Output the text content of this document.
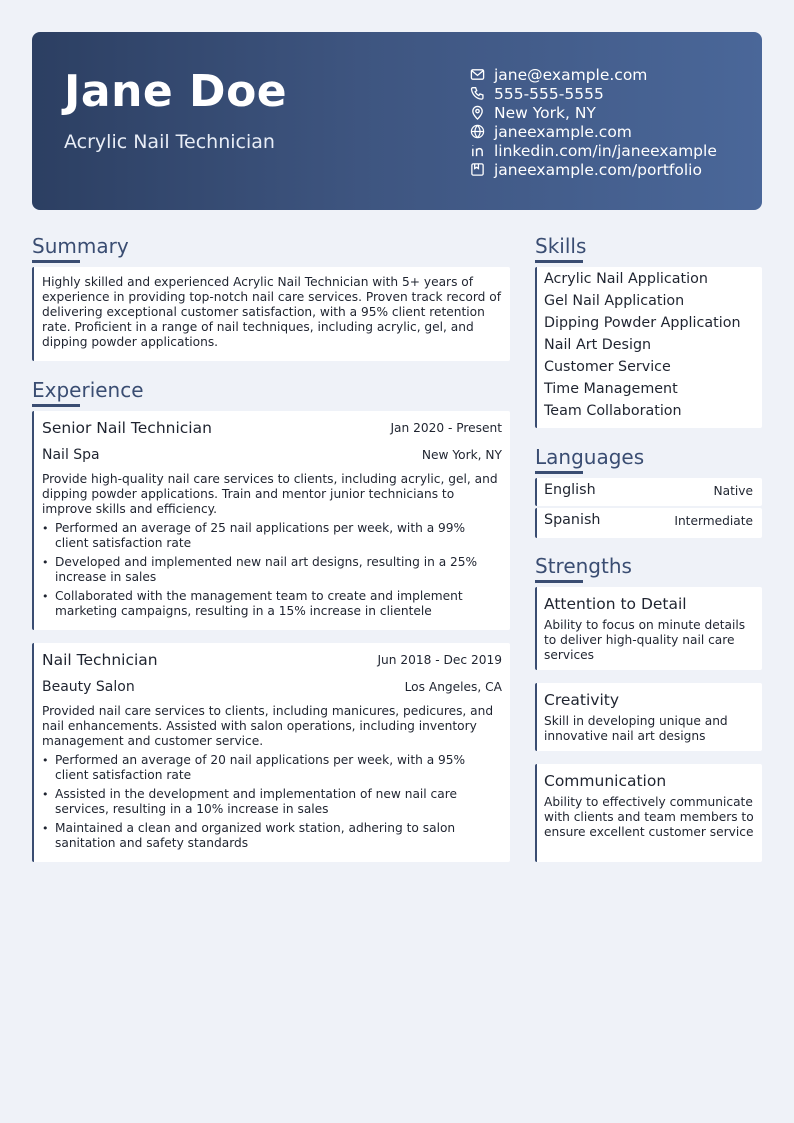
Jane Doe
Acrylic Nail Technician
jane@example.com
555-555-5555
New York, NY
janeexample.com
linkedin.com/in/janeexample
janeexample.com/portfolio
Summary
Highly skilled and experienced Acrylic Nail Technician with 5+ years of experience in providing top-notch nail care services. Proven track record of delivering exceptional customer satisfaction, with a 95% client retention rate. Proficient in a range of nail techniques, including acrylic, gel, and dipping powder applications.
Experience
Senior Nail Technician	Jan 2020 - Present
Nail Spa	New York, NY
Provide high-quality nail care services to clients, including acrylic, gel, and dipping powder applications. Train and mentor junior technicians to improve skills and efficiency.
• Performed an average of 25 nail applications per week, with a 99% client satisfaction rate
• Developed and implemented new nail art designs, resulting in a 25% increase in sales
• Collaborated with the management team to create and implement marketing campaigns, resulting in a 15% increase in clientele
Nail Technician	Jun 2018 - Dec 2019
Beauty Salon	Los Angeles, CA
Provided nail care services to clients, including manicures, pedicures, and nail enhancements. Assisted with salon operations, including inventory management and customer service.
• Performed an average of 20 nail applications per week, with a 95% client satisfaction rate
• Assisted in the development and implementation of new nail care services, resulting in a 10% increase in sales
• Maintained a clean and organized work station, adhering to salon sanitation and safety standards
Skills
Acrylic Nail Application
Gel Nail Application
Dipping Powder Application
Nail Art Design
Customer Service
Time Management
Team Collaboration
Languages
English	Native
Spanish	Intermediate
Strengths
Attention to Detail
Ability to focus on minute details to deliver high-quality nail care services
Creativity
Skill in developing unique and innovative nail art designs
Communication
Ability to effectively communicate with clients and team members to ensure excellent customer service
